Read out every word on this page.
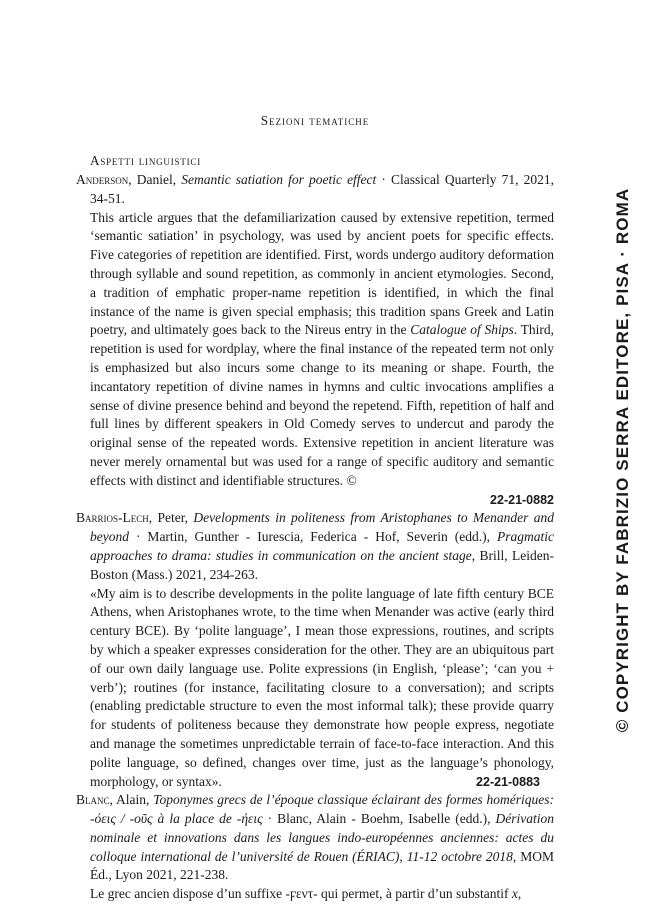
Sezioni tematiche
Aspetti linguistici
Anderson, Daniel, Semantic satiation for poetic effect · Classical Quarterly 71, 2021, 34-51.
This article argues that the defamiliarization caused by extensive repetition, termed ‘semantic satiation’ in psychology, was used by ancient poets for specific effects. Five categories of repetition are identified. First, words undergo auditory deformation through syllable and sound repetition, as commonly in ancient etymologies. Second, a tradition of emphatic proper-name repetition is identified, in which the final instance of the name is given special emphasis; this tradition spans Greek and Latin poetry, and ultimately goes back to the Nireus entry in the Catalogue of Ships. Third, repetition is used for wordplay, where the final instance of the repeated term not only is emphasized but also incurs some change to its meaning or shape. Fourth, the incantatory repetition of divine names in hymns and cultic invocations amplifies a sense of divine presence behind and beyond the repetend. Fifth, repetition of half and full lines by different speakers in Old Comedy serves to undercut and parody the original sense of the repeated words. Extensive repetition in ancient literature was never merely ornamental but was used for a range of specific auditory and semantic effects with distinct and identifiable structures. ©
22-21-0882
Barrios-Lech, Peter, Developments in politeness from Aristophanes to Menander and beyond · Martin, Gunther - Iurescia, Federica - Hof, Severin (edd.), Pragmatic approaches to drama: studies in communication on the ancient stage, Brill, Leiden-Boston (Mass.) 2021, 234-263.
«My aim is to describe developments in the polite language of late fifth century BCE Athens, when Aristophanes wrote, to the time when Menander was active (early third century BCE). By ‘polite language’, I mean those expressions, routines, and scripts by which a speaker expresses consideration for the other. They are an ubiquitous part of our own daily language use. Polite expressions (in English, ‘please’; ‘can you + verb’); routines (for instance, facilitating closure to a conversation); and scripts (enabling predictable structure to even the most informal talk); these provide quarry for students of politeness because they demonstrate how people express, negotiate and manage the sometimes unpredictable terrain of face-to-face interaction. And this polite language, so defined, changes over time, just as the language’s phonology, morphology, or syntax».	22-21-0883
Blanc, Alain, Toponymes grecs de l’époque classique éclairant des formes homériques: -όεις / -οῦς à la place de -ήεις · Blanc, Alain - Boehm, Isabelle (edd.), Dérivation nominale et innovations dans les langues indo-européennes anciennes: actes du colloque international de l’université de Rouen (ÉRIAC), 11-12 octobre 2018, MOM Éd., Lyon 2021, 221-238.
Le grec ancien dispose d’un suffixe -ϝεντ- qui permet, à partir d’un substantif x,
© COPYRIGHT BY FABRIZIO SERRA EDITORE, PISA · ROMA
